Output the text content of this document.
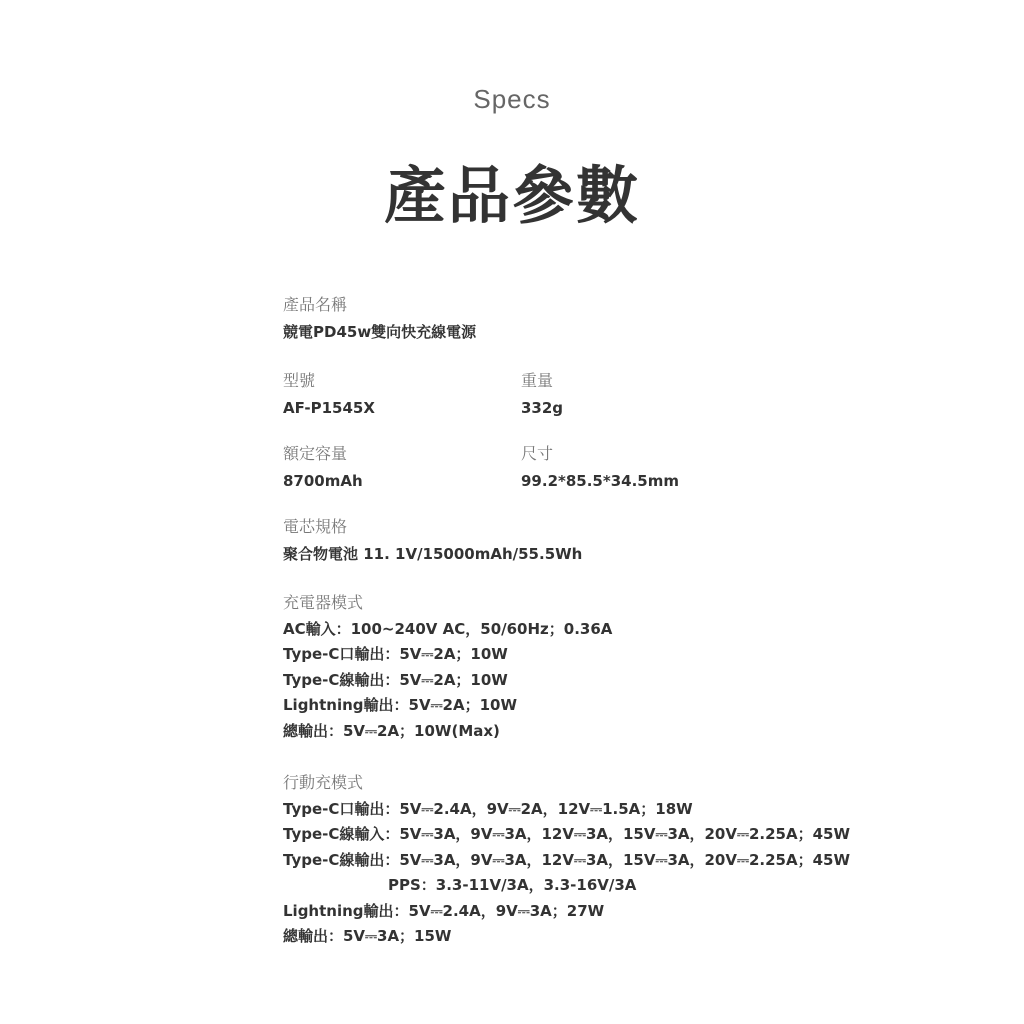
Specs
產品參數
產品名稱
競電PD45w雙向快充線電源
型號
AF-P1545X
重量
332g
額定容量
8700mAh
尺寸
99.2*85.5*34.5mm
電芯規格
聚合物電池 11. 1V/15000mAh/55.5Wh
充電器模式
AC輸入：100~240V AC，50/60Hz；0.36A
Type-C口輸出：5V⎓2A；10W
Type-C線輸出：5V⎓2A；10W
Lightning輸出：5V⎓2A；10W
總輸出：5V⎓2A；10W(Max)
行動充模式
Type-C口輸出：5V⎓2.4A，9V⎓2A，12V⎓1.5A；18W
Type-C線輸入：5V⎓3A，9V⎓3A，12V⎓3A，15V⎓3A，20V⎓2.25A；45W
Type-C線輸出：5V⎓3A，9V⎓3A，12V⎓3A，15V⎓3A，20V⎓2.25A；45W
PPS：3.3-11V/3A，3.3-16V/3A
Lightning輸出：5V⎓2.4A，9V⎓3A；27W
總輸出：5V⎓3A；15W
